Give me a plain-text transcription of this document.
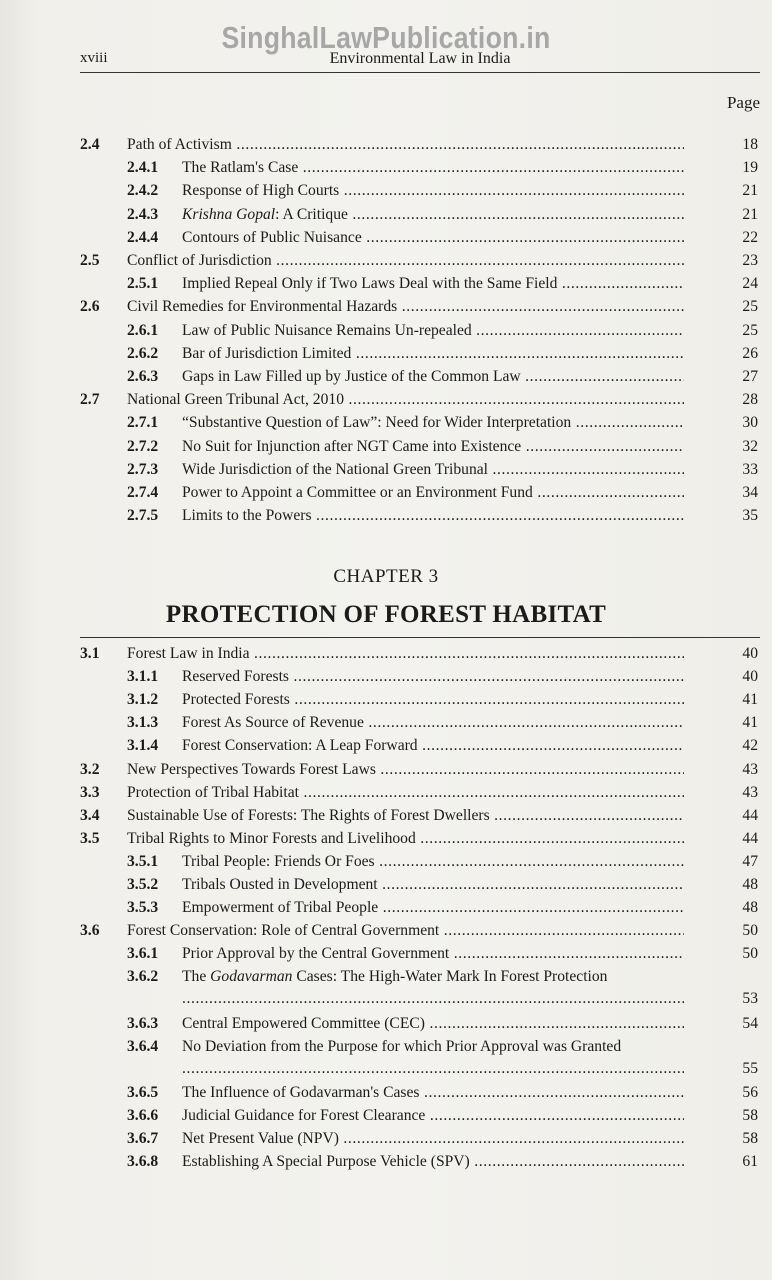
SinghalLawPublication.in
xviii	Environmental Law in India
Page
2.4 Path of Activism .....	18
2.4.1 The Ratlam's Case .....	19
2.4.2 Response of High Courts .....	21
2.4.3 Krishna Gopal: A Critique .....	21
2.4.4 Contours of Public Nuisance .....	22
2.5 Conflict of Jurisdiction .....	23
2.5.1 Implied Repeal Only if Two Laws Deal with the Same Field .....	24
2.6 Civil Remedies for Environmental Hazards .....	25
2.6.1 Law of Public Nuisance Remains Un-repealed .....	25
2.6.2 Bar of Jurisdiction Limited .....	26
2.6.3 Gaps in Law Filled up by Justice of the Common Law .....	27
2.7 National Green Tribunal Act, 2010 .....	28
2.7.1 “Substantive Question of Law”: Need for Wider Interpretation .....	30
2.7.2 No Suit for Injunction after NGT Came into Existence .....	32
2.7.3 Wide Jurisdiction of the National Green Tribunal .....	33
2.7.4 Power to Appoint a Committee or an Environment Fund .....	34
2.7.5 Limits to the Powers .....	35
CHAPTER 3
PROTECTION OF FOREST HABITAT
3.1 Forest Law in India .....	40
3.1.1 Reserved Forests .....	40
3.1.2 Protected Forests .....	41
3.1.3 Forest As Source of Revenue .....	41
3.1.4 Forest Conservation: A Leap Forward .....	42
3.2 New Perspectives Towards Forest Laws .....	43
3.3 Protection of Tribal Habitat .....	43
3.4 Sustainable Use of Forests: The Rights of Forest Dwellers .....	44
3.5 Tribal Rights to Minor Forests and Livelihood .....	44
3.5.1 Tribal People: Friends Or Foes .....	47
3.5.2 Tribals Ousted in Development .....	48
3.5.3 Empowerment of Tribal People .....	48
3.6 Forest Conservation: Role of Central Government .....	50
3.6.1 Prior Approval by the Central Government .....	50
3.6.2 The Godavarman Cases: The High-Water Mark In Forest Protection .....
53
3.6.3 Central Empowered Committee (CEC) .....	54
3.6.4 No Deviation from the Purpose for which Prior Approval was Granted .....
55
3.6.5 The Influence of Godavarman's Cases .....	56
3.6.6 Judicial Guidance for Forest Clearance .....	58
3.6.7 Net Present Value (NPV) .....	58
3.6.8 Establishing A Special Purpose Vehicle (SPV) .....	61
